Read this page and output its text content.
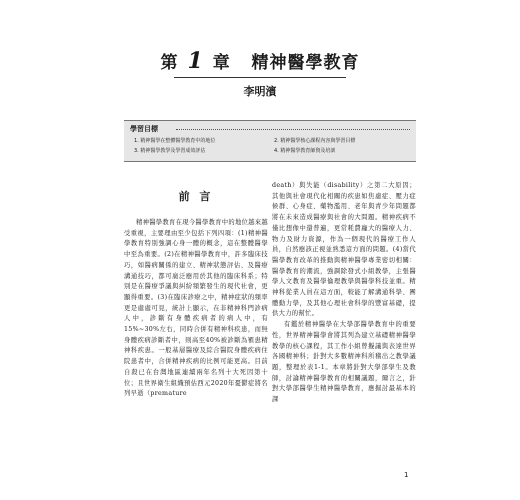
第 1 章 精神醫學教育
李明濱
學習目標
1. 精神醫學在整體醫學教育中的地位	2. 精神醫學核心課程內容與學習目標
3. 精神醫學教學及學習成效評估	4. 精神醫學教育師資及培訓
前 言

精神醫學教育在現今醫學教育中的地位越來越受重視，主要理由至少包括下列四項：(1)精神醫學教育特別強調心身一體的概念，這在整體醫學中至為重要。(2)在精神醫學教育中，許多臨床技巧，如醫病關係的建立、精神狀態評估、及醫療溝通技巧，都可廣泛應用於其他的臨床科系；特別是在醫療爭議與糾紛頻繁發生的現代社會，更顯得重要。(3)在臨床診療之中，精神症狀的頻率更是處處可見，統計上顯示，在非精神科門診病人中，診斷有身體疾病者的病人中，有15%~30%左右，同時合併有精神科疾患，而無身體疾病診斷者中，則高至40%被診斷為罹患精神科疾患。一般基層醫療及綜合醫院身體疾病住院患者中，合併精神疾病的比例可能更高。目前自殺已在台灣地區連續兩年名列十大死因第十位；且世界衛生組織預估西元2020年憂鬱症將名列早逝（premature

death）與失能（disability）之第二大原因；其他與社會現代化相關的疾患如焦慮症、壓力症候群、心身症、藥物濫用、老年與青少年問題都將在未來造成醫療與社會的大問題。精神疾病不僅比想像中還普遍，更常耗費龐大的醫療人力、物力及財力資源，作為一個現代的醫療工作人員，自然應該正視並熟悉這方面的問題。(4)當代醫學教育改革的推動與精神醫學專業密切相關：醫學教育的潮流，強調除發式小組教學，主張醫學人文教育及醫學倫理教學與醫學科技並重。精神科從業人員在這方面，較能了解溝通科學、團體動力學，及其他心理社會科學的豐富基礎，提供大力的幫忙。

有鑑於精神醫學在大學部醫學教育中的重要性，世界精神醫學會將其列為建立基礎精神醫學教學的核心課程，其工作小組曾擬議與表達世界各國精神科；針對大多數精神科所稽出之教學議題，整理於表1-1。本章將針對大學部學生及教師，討論精神醫學教育的相關議題，爾言之，針對大學部醫學生精神醫學教育，應掘討最基本的課

1
